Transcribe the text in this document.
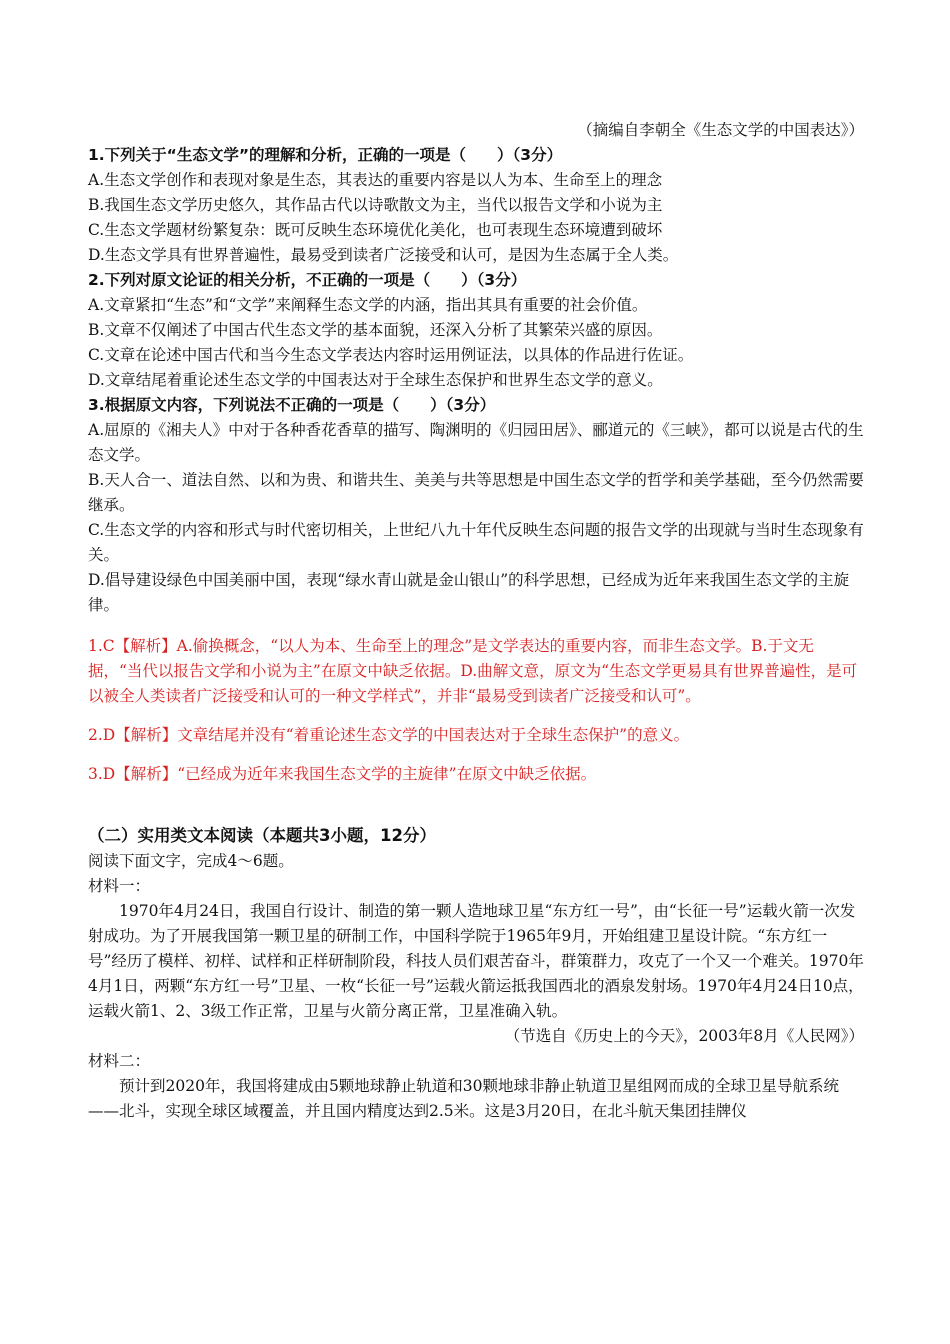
（摘编自李朝全《生态文学的中国表达》）
1.下列关于“生态文学”的理解和分析，正确的一项是（　　）（3分）
A.生态文学创作和表现对象是生态，其表达的重要内容是以人为本、生命至上的理念
B.我国生态文学历史悠久，其作品古代以诗歌散文为主，当代以报告文学和小说为主
C.生态文学题材纷繁复杂：既可反映生态环境优化美化，也可表现生态环境遭到破坏
D.生态文学具有世界普遍性，最易受到读者广泛接受和认可，是因为生态属于全人类。
2.下列对原文论证的相关分析，不正确的一项是（　　）（3分）
A.文章紧扣“生态”和“文学”来阐释生态文学的内涵，指出其具有重要的社会价值。
B.文章不仅阐述了中国古代生态文学的基本面貌，还深入分析了其繁荣兴盛的原因。
C.文章在论述中国古代和当今生态文学表达内容时运用例证法，以具体的作品进行佐证。
D.文章结尾着重论述生态文学的中国表达对于全球生态保护和世界生态文学的意义。
3.根据原文内容，下列说法不正确的一项是（　　）（3分）
A.屈原的《湘夫人》中对于各种香花香草的描写、陶渊明的《归园田居》、郦道元的《三峡》，都可以说是古代的生态文学。
B.天人合一、道法自然、以和为贵、和谐共生、美美与共等思想是中国生态文学的哲学和美学基础，至今仍然需要继承。
C.生态文学的内容和形式与时代密切相关，上世纪八九十年代反映生态问题的报告文学的出现就与当时生态现象有关。
D.倡导建设绿色中国美丽中国，表现“绿水青山就是金山银山”的科学思想，已经成为近年来我国生态文学的主旋律。
1.C【解析】A.偷换概念，“以人为本、生命至上的理念”是文学表达的重要内容，而非生态文学。B.于文无据，“当代以报告文学和小说为主”在原文中缺乏依据。D.曲解文意，原文为“生态文学更易具有世界普遍性，是可以被全人类读者广泛接受和认可的一种文学样式”，并非“最易受到读者广泛接受和认可”。
2.D【解析】文章结尾并没有“着重论述生态文学的中国表达对于全球生态保护”的意义。
3.D【解析】“已经成为近年来我国生态文学的主旋律”在原文中缺乏依据。
（二）实用类文本阅读（本题共3小题，12分）
阅读下面文字，完成4～6题。
材料一：
1970年4月24日，我国自行设计、制造的第一颗人造地球卫星“东方红一号”，由“长征一号”运载火箭一次发射成功。为了开展我国第一颗卫星的研制工作，中国科学院于1965年9月，开始组建卫星设计院。“东方红一号”经历了模样、初样、试样和正样研制阶段，科技人员们艰苦奋斗，群策群力，攻克了一个又一个难关。1970年4月1日，两颗“东方红一号”卫星、一枚“长征一号”运载火箭运抵我国西北的酒泉发射场。1970年4月24日10点，运载火箭1、2、3级工作正常，卫星与火箭分离正常，卫星准确入轨。
（节选自《历史上的今天》，2003年8月《人民网》）
材料二：
预计到2020年，我国将建成由5颗地球静止轨道和30颗地球非静止轨道卫星组网而成的全球卫星导航系统——北斗，实现全球区域覆盖，并且国内精度达到2.5米。这是3月20日，在北斗航天集团挂牌仪
